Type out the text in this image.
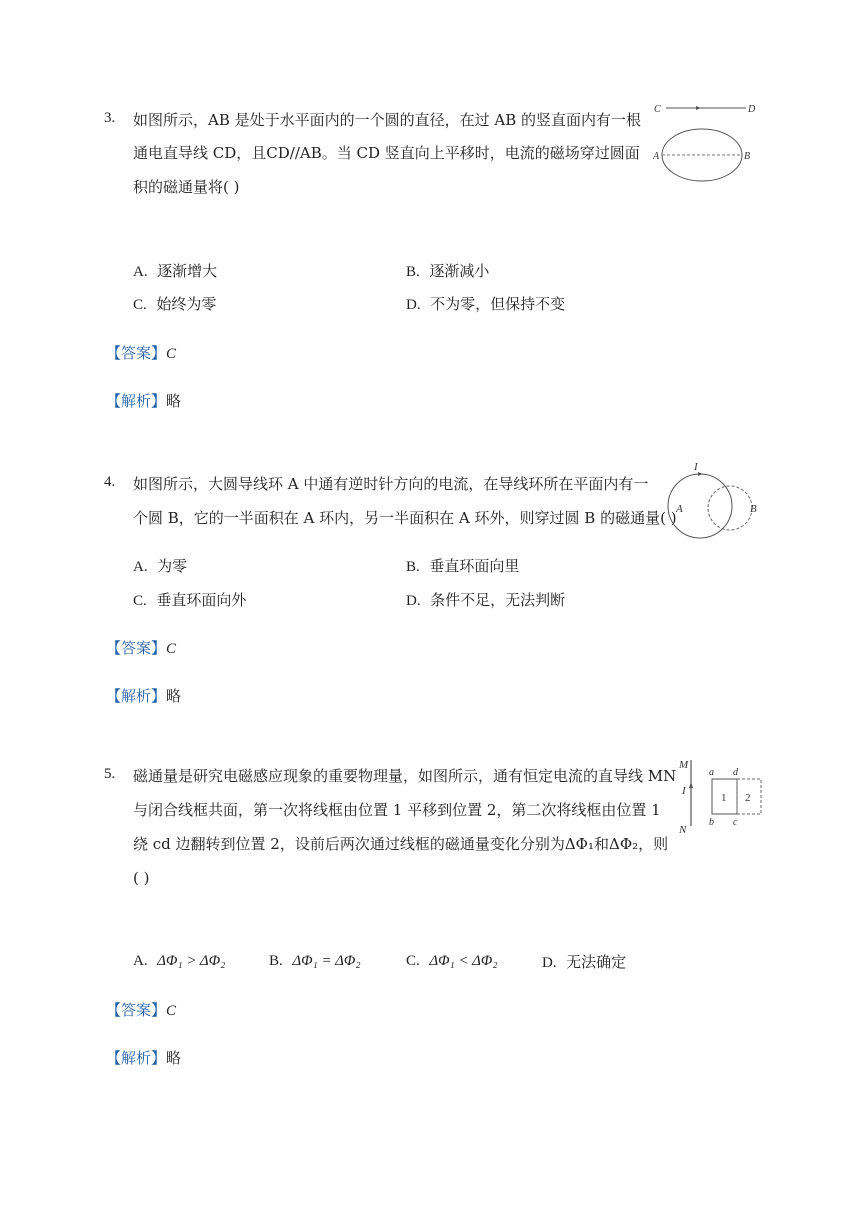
3. 如图所示，AB 是处于水平面内的一个圆的直径，在过 AB 的竖直面内有一根
通电直导线 CD，且CD//AB。当 CD 竖直向上平移时，电流的磁场穿过圆面
积的磁通量将( )
C	D
A	B
A. 逐渐增大	B. 逐渐减小
C. 始终为零	D. 不为零，但保持不变
【答案】C
【解析】略
4. 如图所示，大圆导线环 A 中通有逆时针方向的电流，在导线环所在平面内有一
个圆 B，它的一半面积在 A 环内，另一半面积在 A 环外，则穿过圆 B 的磁通量( )
I
A	B
A. 为零	B. 垂直环面向里
C. 垂直环面向外	D. 条件不足，无法判断
【答案】C
【解析】略
5. 磁通量是研究电磁感应现象的重要物理量，如图所示，通有恒定电流的直导线 MN
与闭合线框共面，第一次将线框由位置 1 平移到位置 2，第二次将线框由位置 1
绕 cd 边翻转到位置 2，设前后两次通过线框的磁通量变化分别为ΔΦ₁和ΔΦ₂，则
( )
M
I
N
a d
b c
1 2
A. ΔΦ₁ > ΔΦ₂	B. ΔΦ₁ = ΔΦ₂	C. ΔΦ₁ < ΔΦ₂	D. 无法确定
【答案】C
【解析】略
